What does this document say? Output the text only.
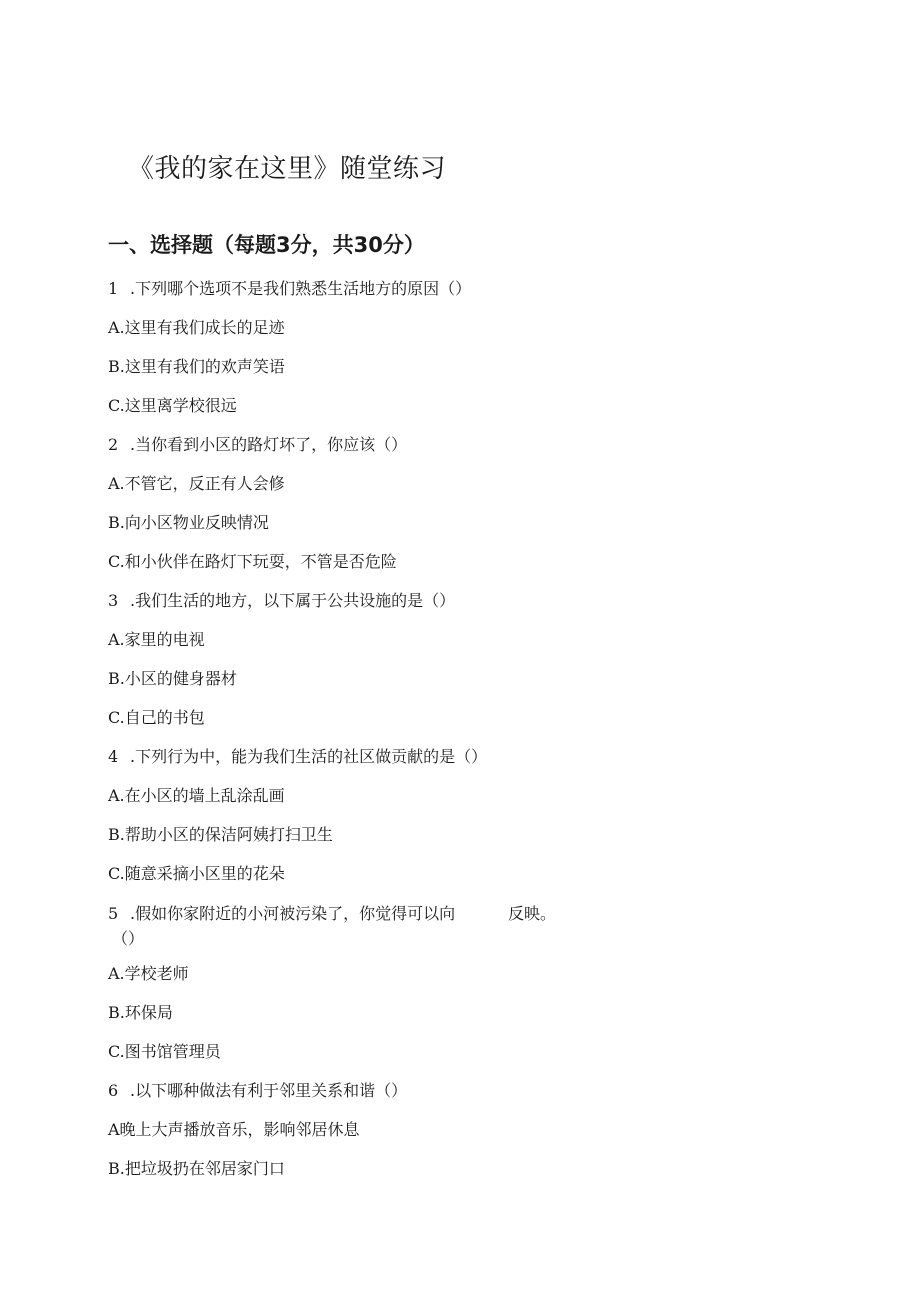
《我的家在这里》随堂练习
一、选择题（每题3分，共30分）
1 .下列哪个选项不是我们熟悉生活地方的原因（）
A.这里有我们成长的足迹
B.这里有我们的欢声笑语
C.这里离学校很远
2 .当你看到小区的路灯坏了，你应该（）
A.不管它，反正有人会修
B.向小区物业反映情况
C.和小伙伴在路灯下玩耍，不管是否危险
3 .我们生活的地方，以下属于公共设施的是（）
A.家里的电视
B.小区的健身器材
C.自己的书包
4 .下列行为中，能为我们生活的社区做贡献的是（）
A.在小区的墙上乱涂乱画
B.帮助小区的保洁阿姨打扫卫生
C.随意采摘小区里的花朵
5 .假如你家附近的小河被污染了，你觉得可以向	反映。
（）
A.学校老师
B.环保局
C.图书馆管理员
6 .以下哪种做法有利于邻里关系和谐（）
A晚上大声播放音乐，影响邻居休息
B.把垃圾扔在邻居家门口
